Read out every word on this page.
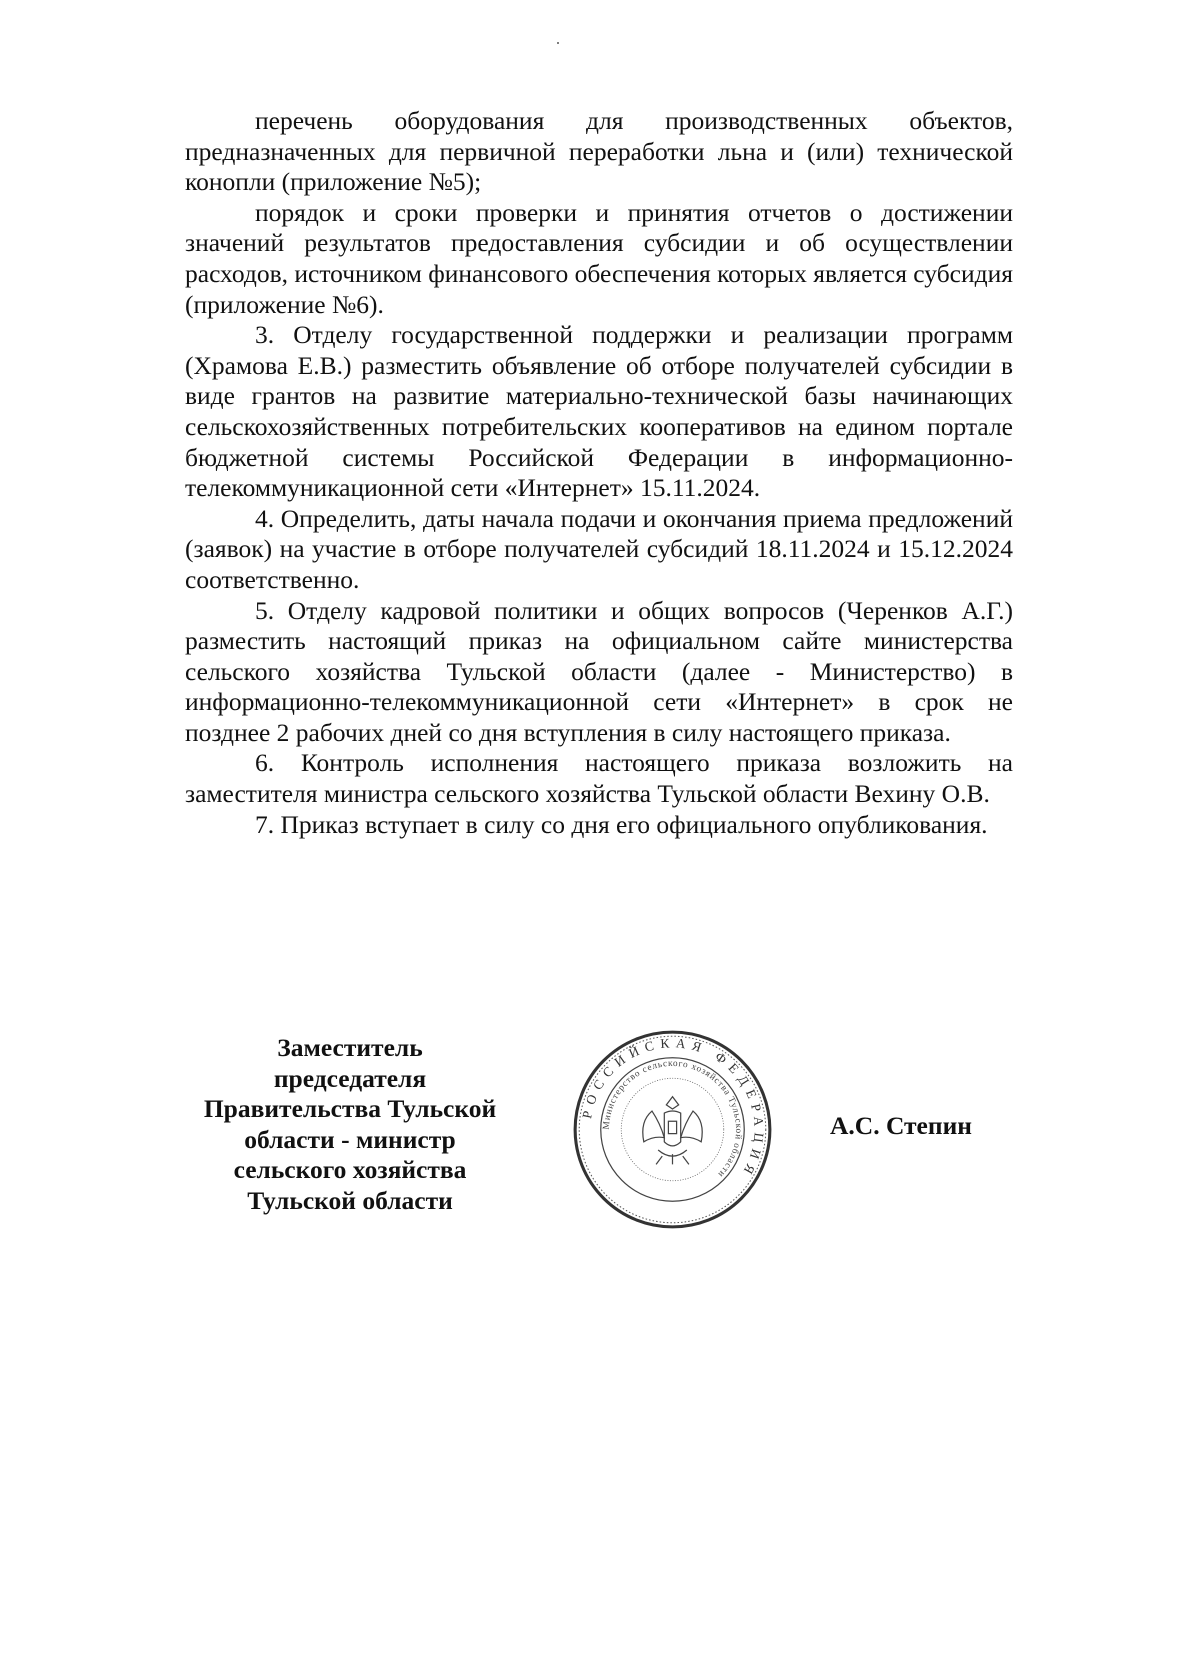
перечень оборудования для производственных объектов, предназначенных для первичной переработки льна и (или) технической конопли (приложение №5);

порядок и сроки проверки и принятия отчетов о достижении значений результатов предоставления субсидии и об осуществлении расходов, источником финансового обеспечения которых является субсидия (приложение №6).

3. Отделу государственной поддержки и реализации программ (Храмова Е.В.) разместить объявление об отборе получателей субсидии в виде грантов на развитие материально-технической базы начинающих сельскохозяйственных потребительских кооперативов на едином портале бюджетной системы Российской Федерации в информационно-телекоммуникационной сети «Интернет» 15.11.2024.

4. Определить, даты начала подачи и окончания приема предложений (заявок) на участие в отборе получателей субсидий 18.11.2024 и 15.12.2024 соответственно.

5. Отделу кадровой политики и общих вопросов (Черенков А.Г.) разместить настоящий приказ на официальном сайте министерства сельского хозяйства Тульской области (далее - Министерство) в информационно-телекоммуникационной сети «Интернет» в срок не позднее 2 рабочих дней со дня вступления в силу настоящего приказа.

6. Контроль исполнения настоящего приказа возложить на заместителя министра сельского хозяйства Тульской области Вехину О.В.

7. Приказ вступает в силу со дня его официального опубликования.

Заместитель
председателя
Правительства Тульской
области - министр
сельского хозяйства
Тульской области
РОССИЙСКАЯ ФЕДЕРАЦИЯ
Министерство сельского хозяйства Тульской области
А.С. Степин
